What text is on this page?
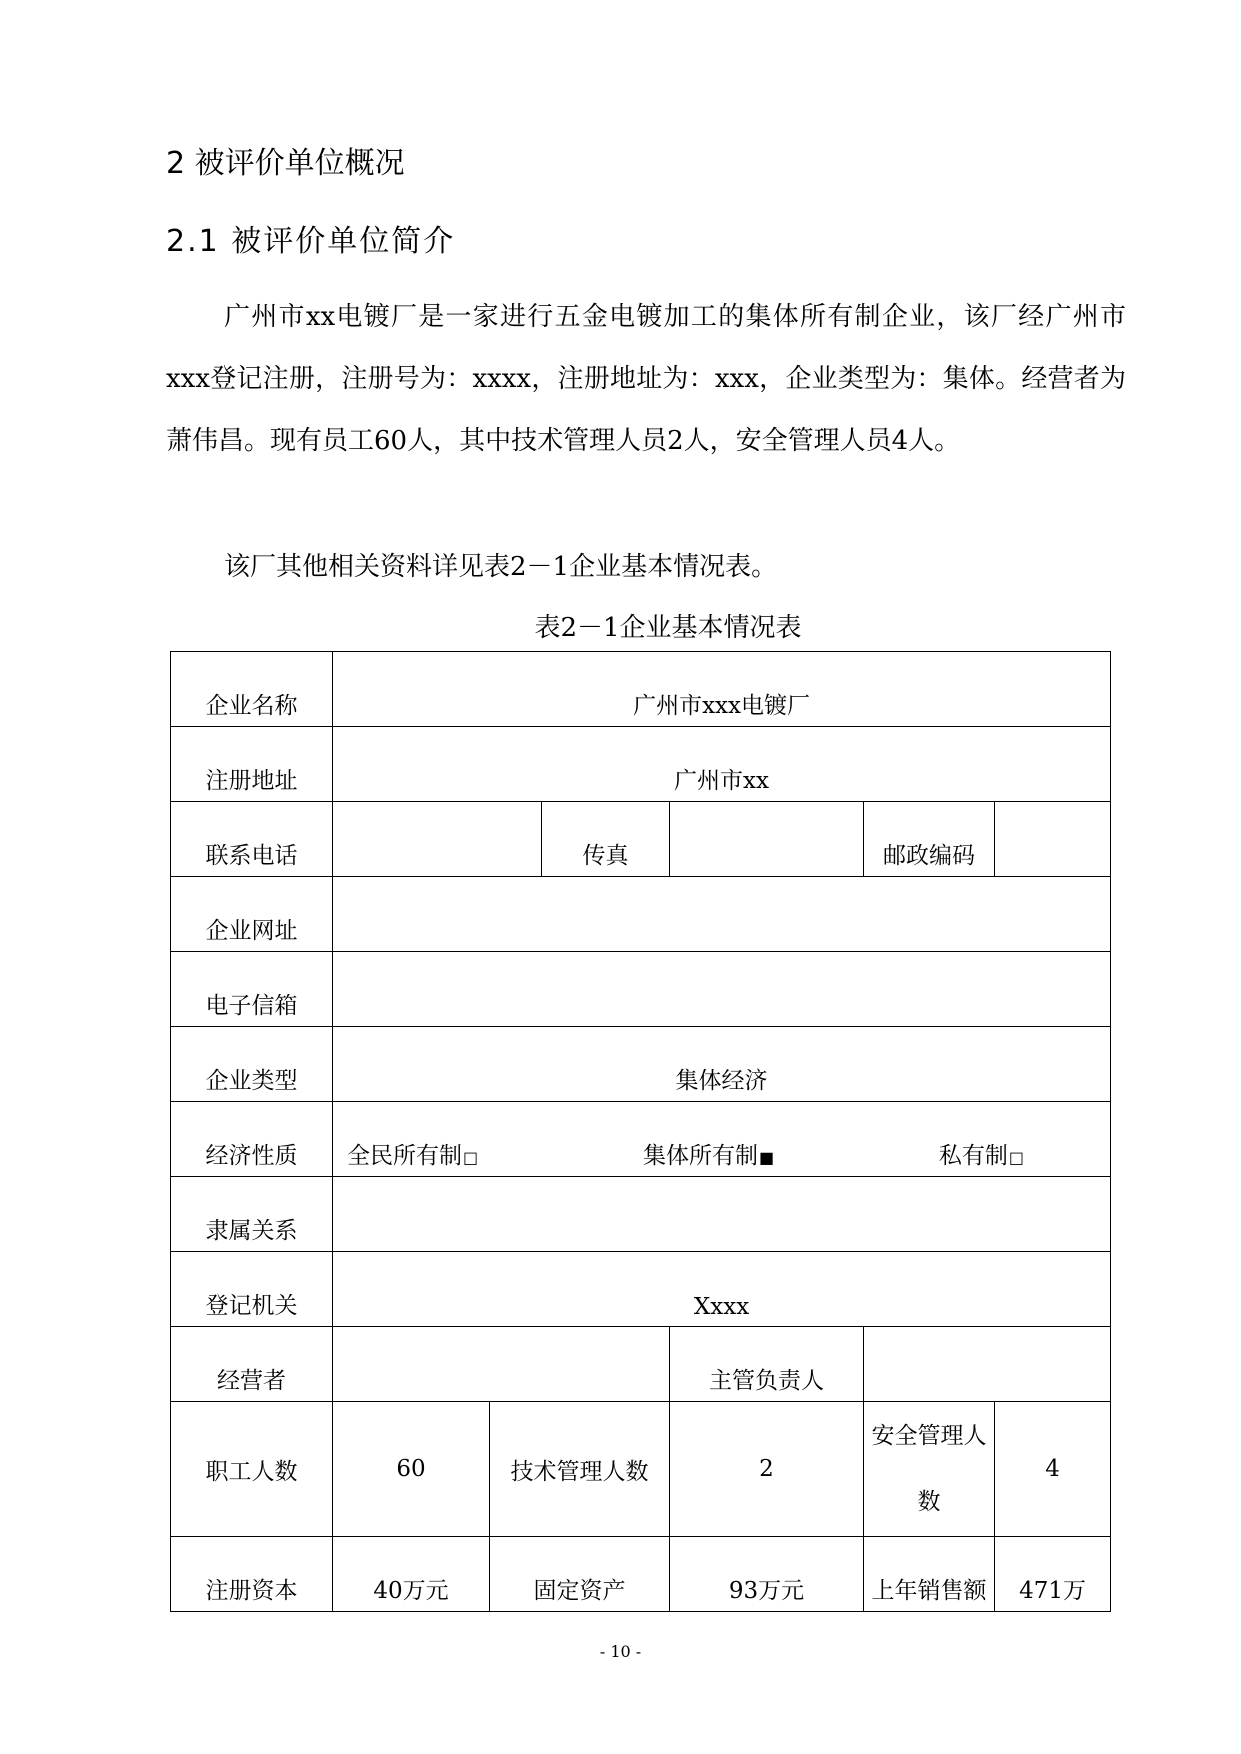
2 被评价单位概况
2.1 被评价单位简介

广州市xx电镀厂是一家进行五金电镀加工的集体所有制企业，该厂经广州市xxx登记注册，注册号为：xxxx，注册地址为：xxx，企业类型为：集体。经营者为萧伟昌。现有员工60人，其中技术管理人员2人，安全管理人员4人。

该厂其他相关资料详见表2－1企业基本情况表。

表2－1企业基本情况表

企业名称	广州市xxx电镀厂					
注册地址	广州市xx					
联系电话			传真		邮政编码	
企业网址						
电子信箱						
企业类型	集体经济					
经济性质	全民所有制□ 集体所有制■ 私有制□					

隶属关系						
登记机关	Xxxx					
经营者				主管负责人		
职工人数	60	技术管理人数		2	安全管理人数	4
注册资本	40万元	固定资产		93万元	上年销售额	471万
- 10 -
